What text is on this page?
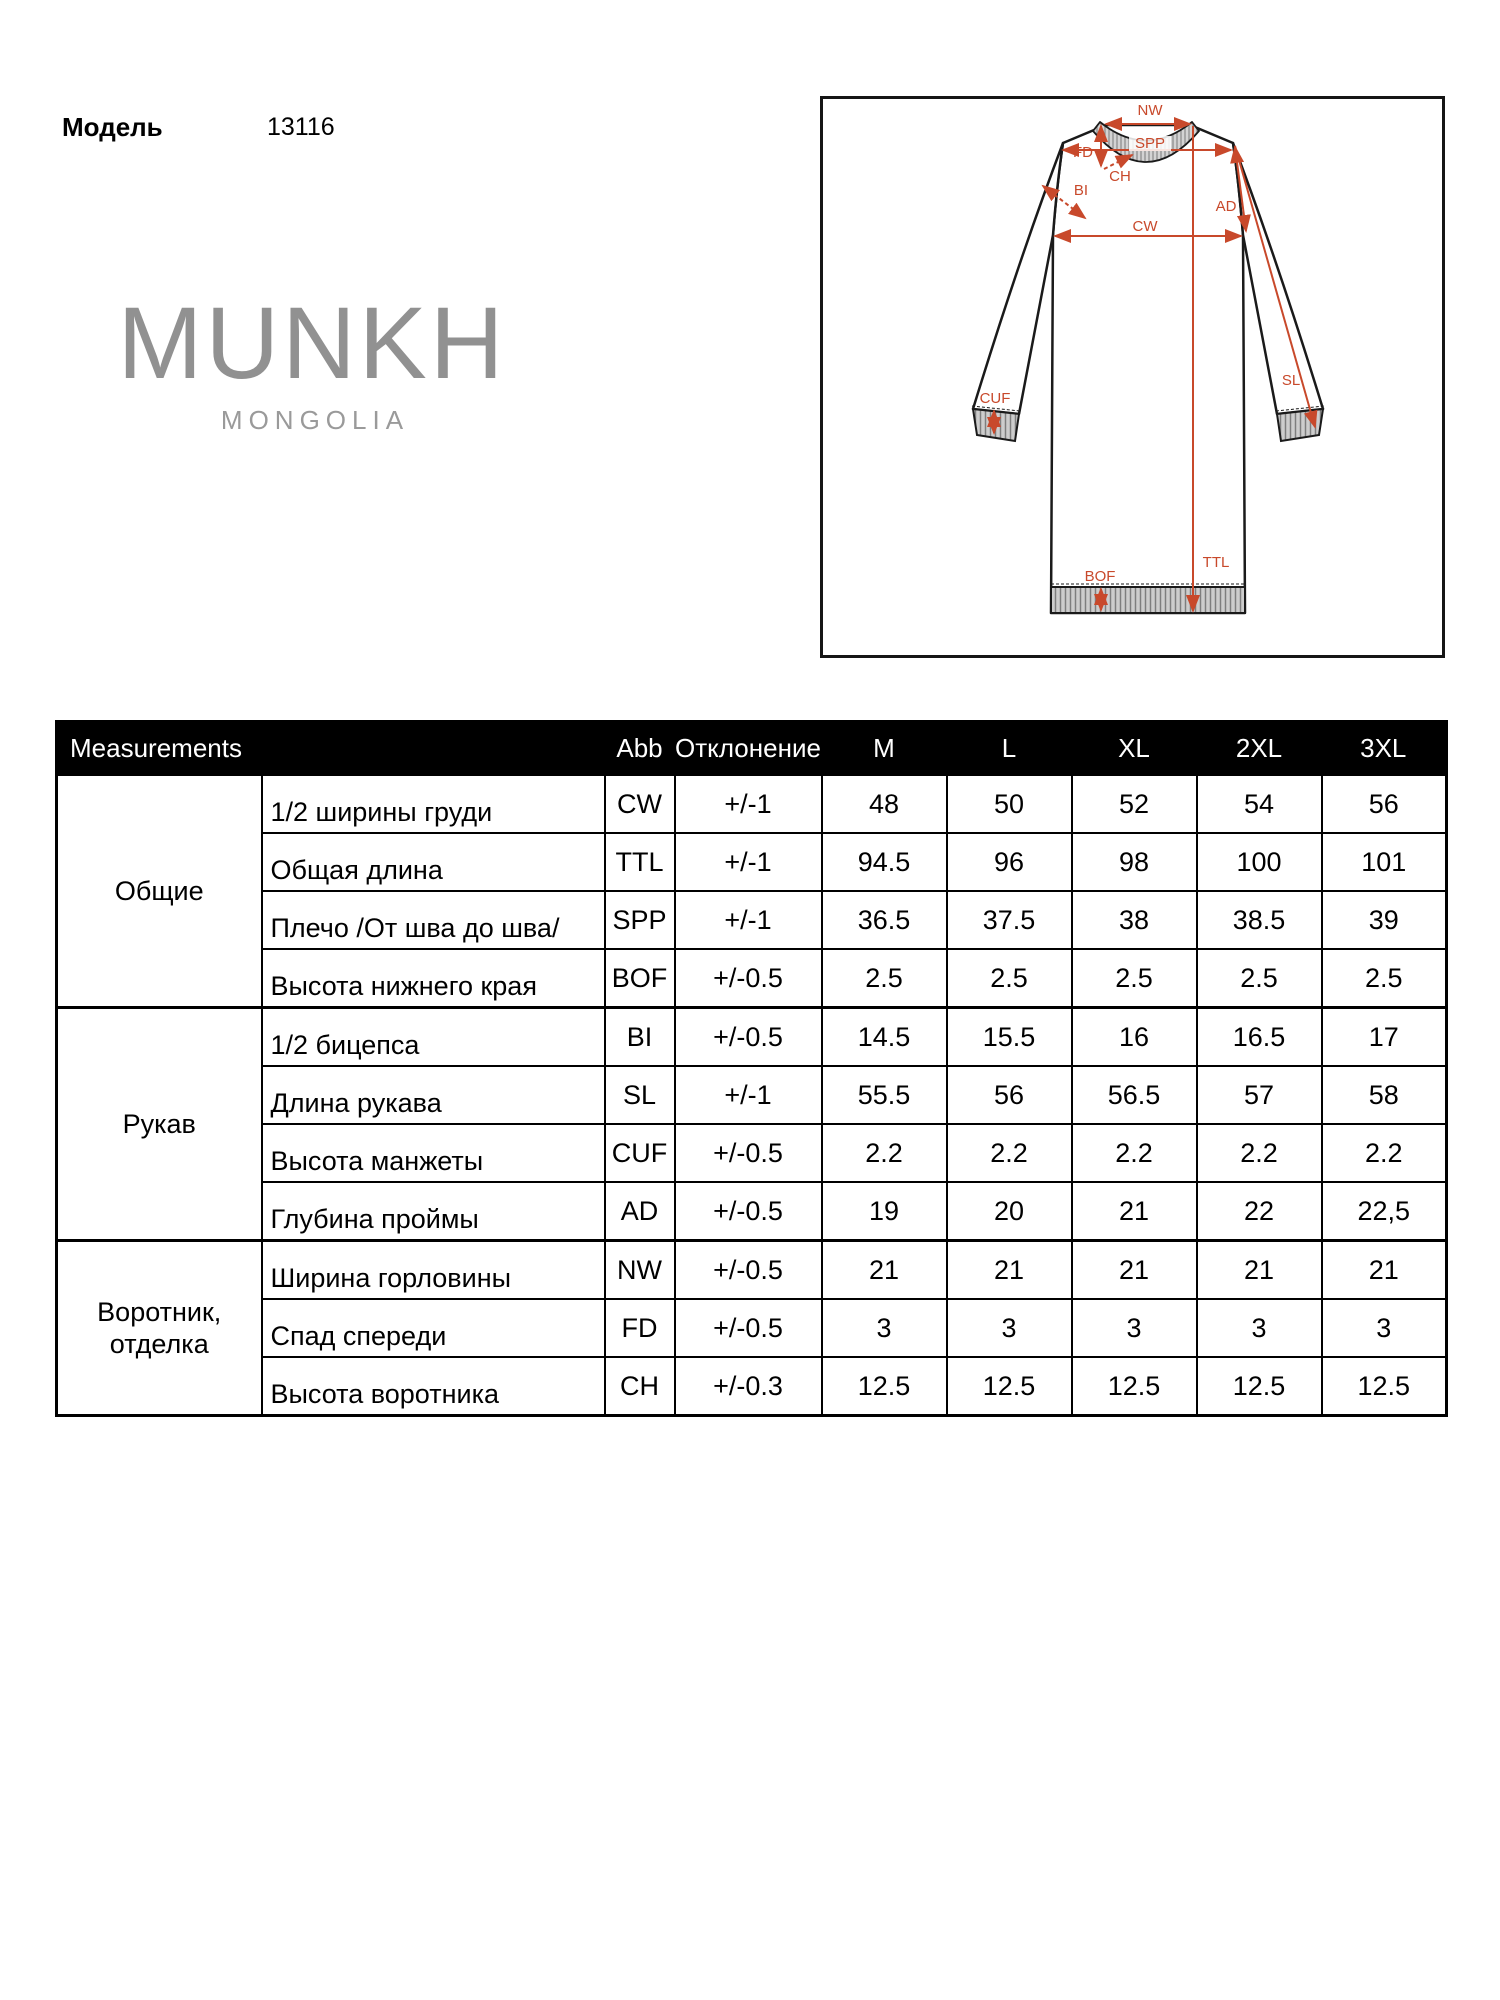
Модель	13116
MUNKH
MONGOLIA
NW
SPP
FD
CH
BI
CW
AD
SL
CUF
BOF
TTL
Measurements		Abb	Отклонение	M	L	XL	2XL	3XL
Общие	1/2 ширины груди	CW	+/-1	48	50	52	54	56
	Общая длина	TTL	+/-1	94.5	96	98	100	101
	Плечо /От шва до шва/	SPP	+/-1	36.5	37.5	38	38.5	39
	Высота нижнего края	BOF	+/-0.5	2.5	2.5	2.5	2.5	2.5
Рукав	1/2 бицепса	BI	+/-0.5	14.5	15.5	16	16.5	17
	Длина рукава	SL	+/-1	55.5	56	56.5	57	58
	Высота манжеты	CUF	+/-0.5	2.2	2.2	2.2	2.2	2.2
	Глубина проймы	AD	+/-0.5	19	20	21	22	22,5
Воротник, отделка	Ширина горловины	NW	+/-0.5	21	21	21	21	21
	Спад спереди	FD	+/-0.5	3	3	3	3	3
	Высота воротника	CH	+/-0.3	12.5	12.5	12.5	12.5	12.5
